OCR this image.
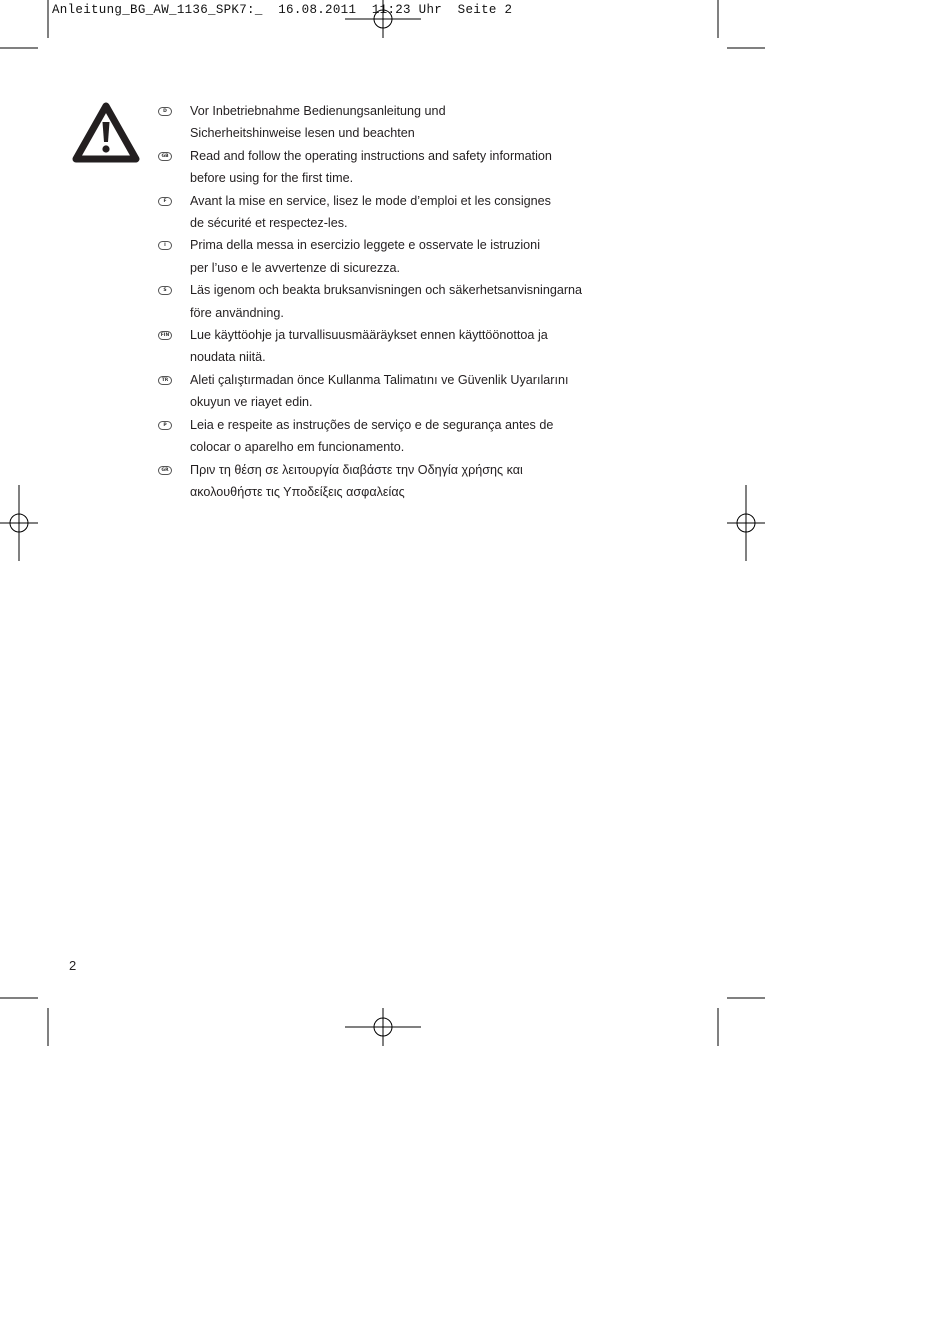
Anleitung_BG_AW_1136_SPK7:_  16.08.2011  11:23 Uhr  Seite 2
D	Vor Inbetriebnahme Bedienungsanleitung und
Sicherheitshinweise lesen und beachten
GB Read and follow the operating instructions and safety information
before using for the first time.
F	Avant la mise en service, lisez le mode d’emploi et les consignes
de sécurité et respectez-les.
I	Prima della messa in esercizio leggete e osservate le istruzioni
per l’uso e le avvertenze di sicurezza.
S	Läs igenom och beakta bruksanvisningen och säkerhetsanvisningarna
före användning.
FIN Lue käyttöohje ja turvallisuusmääräykset ennen käyttöönottoa ja
noudata niitä.
TR Aleti çalıştırmadan önce Kullanma Talimatını ve Güvenlik Uyarılarını
okuyun ve riayet edin.
P	Leia e respeite as instruções de serviço e de segurança antes de
colocar o aparelho em funcionamento.
GR Πριν τη θέση σε λειτουργία διαβάστε την Οδηγία χρήσης και
ακολουθήστε τις Υποδείξεις ασφαλείας
2
